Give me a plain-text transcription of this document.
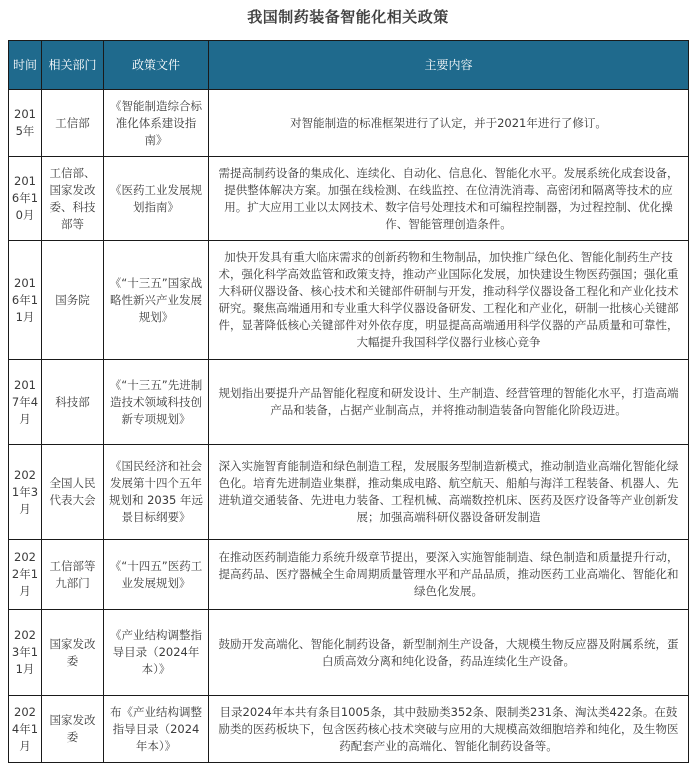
我国制药装备智能化相关政策
时间	相关部门	政策文件	主要内容
2015年	工信部	《智能制造综合标准化体系建设指南》	对智能制造的标准框架进行了认定，并于2021年进行了修订。
2016年10月	工信部、国家发改委、科技部等	《医药工业发展规划指南》	需提高制药设备的集成化、连续化、自动化、信息化、智能化水平。发展系统化成套设备，提供整体解决方案。加强在线检测、在线监控、在位清洗消毒、高密闭和隔离等技术的应用。扩大应用工业以太网技术、数字信号处理技术和可编程控制器，为过程控制、优化操作、智能管理创造条件。
2016年11月	国务院	《“十三五”国家战略性新兴产业发展规划》	加快开发具有重大临床需求的创新药物和生物制品，加快推广绿色化、智能化制药生产技术，强化科学高效监管和政策支持，推动产业国际化发展，加快建设生物医药强国；强化重大科研仪器设备、核心技术和关键部件研制与开发，推动科学仪器设备工程化和产业化技术研究。聚焦高端通用和专业重大科学仪器设备研发、工程化和产业化，研制一批核心关键部件，显著降低核心关键部件对外依存度，明显提高高端通用科学仪器的产品质量和可靠性，大幅提升我国科学仪器行业核心竞争
2017年4月	科技部	《“十三五”先进制造技术领域科技创新专项规划》	规划指出要提升产品智能化程度和研发设计、生产制造、经营管理的智能化水平，打造高端产品和装备，占据产业制高点，并将推动制造装备向智能化阶段迈进。
2021年3月	全国人民代表大会	《国民经济和社会发展第十四个五年规划和 2035 年远景目标纲要》	深入实施智育能制造和绿色制造工程，发展服务型制造新模式，推动制造业高端化智能化绿色化。培育先进制造业集群，推动集成电路、航空航天、船舶与海洋工程装备、机器人、先进轨道交通装备、先进电力装备、工程机械、高端数控机床、医药及医疗设备等产业创新发展；加强高端科研仪器设备研发制造
2022年1月	工信部等九部门	《“十四五”医药工业发展规划》	在推动医药制造能力系统升级章节提出，要深入实施智能制造、绿色制造和质量提升行动，提高药品、医疗器械全生命周期质量管理水平和产品品质，推动医药工业高端化、智能化和绿色化发展。
2023年11月	国家发改委	《产业结构调整指导目录（2024年本）》	鼓励开发高端化、智能化制药设备，新型制剂生产设备，大规模生物反应器及附属系统，蛋白质高效分离和纯化设备，药品连续化生产设备。
2024年1月	国家发改委	布《产业结构调整指导目录（2024年本）》	目录2024年本共有条目1005条，其中鼓励类352条、限制类231条、淘汰类422条。在鼓励类的医药板块下，包含医药核心技术突破与应用的大规模高效细胞培养和纯化，及生物医药配套产业的高端化、智能化制药设备等。
